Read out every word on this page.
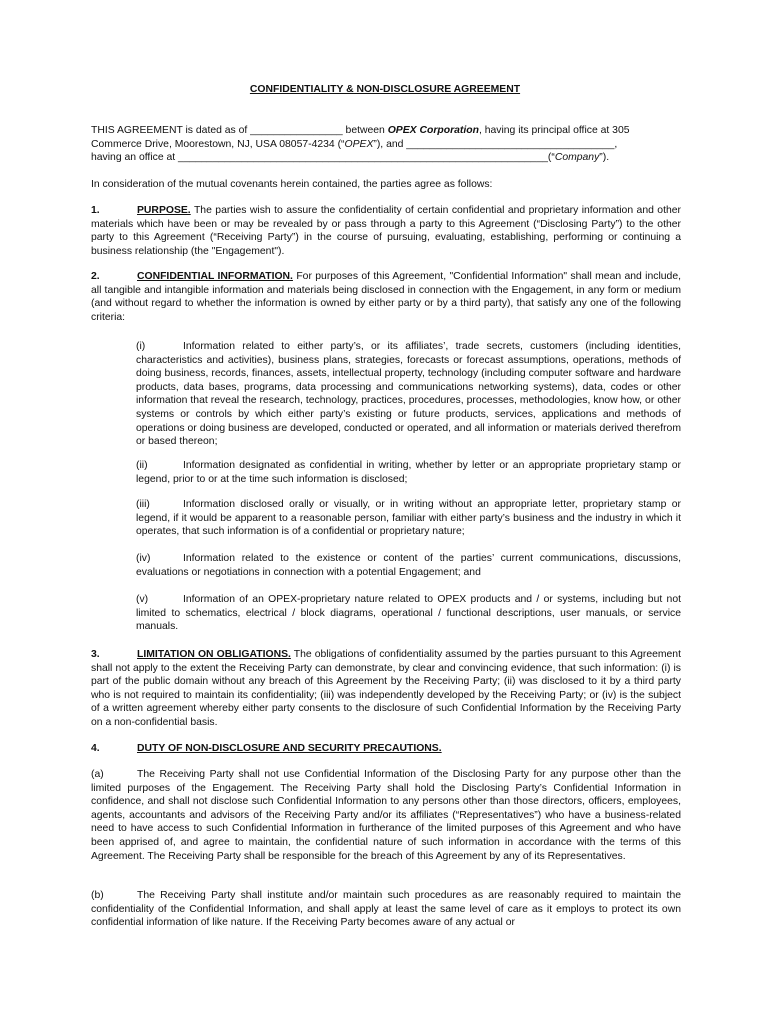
CONFIDENTIALITY & NON-DISCLOSURE AGREEMENT
THIS AGREEMENT is dated as of ________________ between OPEX Corporation, having its principal office at 305
Commerce Drive, Moorestown, NJ, USA 08057-4234 (“OPEX”), and ____________________________________,
having an office at ________________________________________________________________(“Company”).
In consideration of the mutual covenants herein contained, the parties agree as follows:
1.	PURPOSE. The parties wish to assure the confidentiality of certain confidential and proprietary information and other materials which have been or may be revealed by or pass through a party to this Agreement (“Disclosing Party”) to the other party to this Agreement (“Receiving Party”) in the course of pursuing, evaluating, establishing, performing or continuing a business relationship (the "Engagement").
2.	CONFIDENTIAL INFORMATION. For purposes of this Agreement, "Confidential Information" shall mean and include, all tangible and intangible information and materials being disclosed in connection with the Engagement, in any form or medium (and without regard to whether the information is owned by either party or by a third party), that satisfy any one of the following criteria:
(i)	Information related to either party’s, or its affiliates’, trade secrets, customers (including identities, characteristics and activities), business plans, strategies, forecasts or forecast assumptions, operations, methods of doing business, records, finances, assets, intellectual property, technology (including computer software and hardware products, data bases, programs, data processing and communications networking systems), data, codes or other information that reveal the research, technology, practices, procedures, processes, methodologies, know how, or other systems or controls by which either party’s existing or future products, services, applications and methods of operations or doing business are developed, conducted or operated, and all information or materials derived therefrom or based thereon;
(ii)	Information designated as confidential in writing, whether by letter or an appropriate proprietary stamp or legend, prior to or at the time such information is disclosed;
(iii)	Information disclosed orally or visually, or in writing without an appropriate letter, proprietary stamp or legend, if it would be apparent to a reasonable person, familiar with either party’s business and the industry in which it operates, that such information is of a confidential or proprietary nature;
(iv)	Information related to the existence or content of the parties’ current communications, discussions, evaluations or negotiations in connection with a potential Engagement; and
(v)	Information of an OPEX-proprietary nature related to OPEX products and / or systems, including but not limited to schematics, electrical / block diagrams, operational / functional descriptions, user manuals, or service manuals.
3.	LIMITATION ON OBLIGATIONS. The obligations of confidentiality assumed by the parties pursuant to this Agreement shall not apply to the extent the Receiving Party can demonstrate, by clear and convincing evidence, that such information: (i) is part of the public domain without any breach of this Agreement by the Receiving Party; (ii) was disclosed to it by a third party who is not required to maintain its confidentiality; (iii) was independently developed by the Receiving Party; or (iv) is the subject of a written agreement whereby either party consents to the disclosure of such Confidential Information by the Receiving Party on a non-confidential basis.
4.	DUTY OF NON-DISCLOSURE AND SECURITY PRECAUTIONS.
(a)	The Receiving Party shall not use Confidential Information of the Disclosing Party for any purpose other than the limited purposes of the Engagement. The Receiving Party shall hold the Disclosing Party’s Confidential Information in confidence, and shall not disclose such Confidential Information to any persons other than those directors, officers, employees, agents, accountants and advisors of the Receiving Party and/or its affiliates (“Representatives”) who have a business-related need to have access to such Confidential Information in furtherance of the limited purposes of this Agreement and who have been apprised of, and agree to maintain, the confidential nature of such information in accordance with the terms of this Agreement. The Receiving Party shall be responsible for the breach of this Agreement by any of its Representatives.
(b)	The Receiving Party shall institute and/or maintain such procedures as are reasonably required to maintain the confidentiality of the Confidential Information, and shall apply at least the same level of care as it employs to protect its own confidential information of like nature. If the Receiving Party becomes aware of any actual or
